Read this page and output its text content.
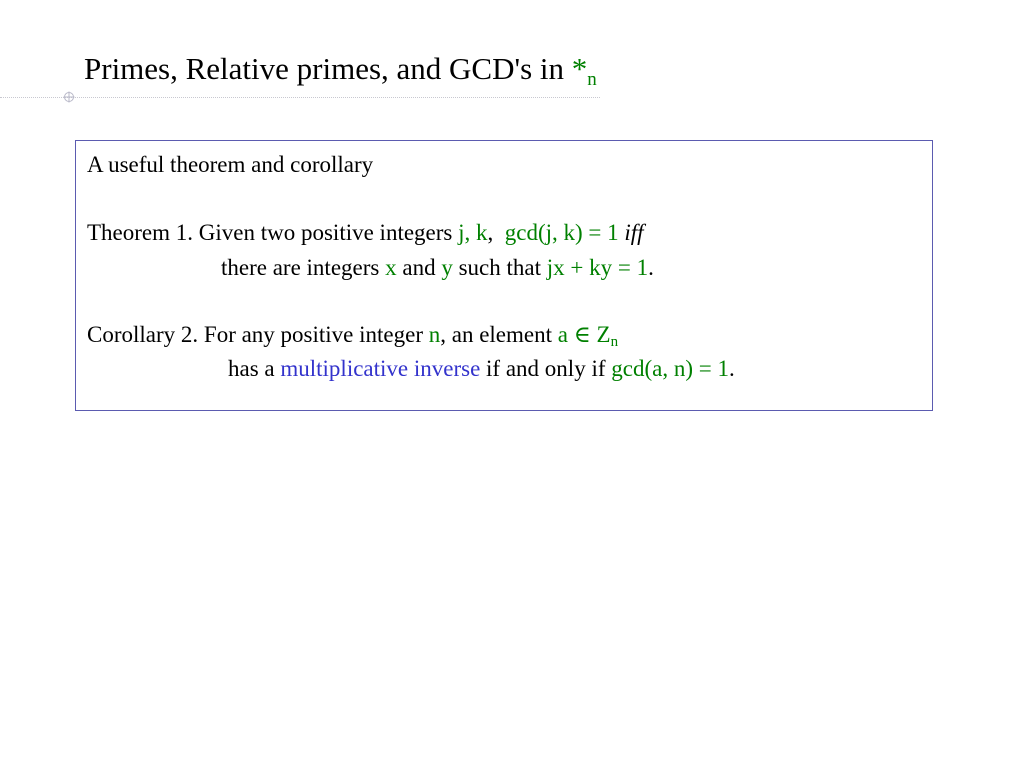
Primes, Relative primes, and GCD's in $*_n$
A useful theorem and corollary
Theorem 1. Given two positive integers j, k,  gcd(j, k) = 1 iff
there are integers x and y such that jx + ky = 1.
Corollary 2. For any positive integer n, an element a ∈ $Z_n$
has a multiplicative inverse if and only if gcd(a, n) = 1.
